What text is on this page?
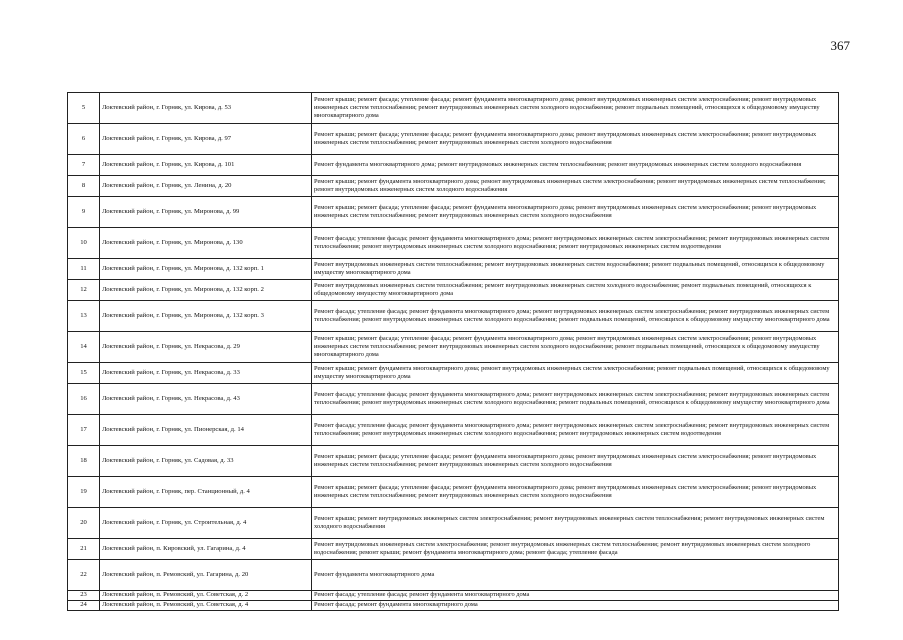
367
5	Локтевский район, г. Горняк, ул. Кирова, д. 53	Ремонт крыши; ремонт фасада; утепление фасада; ремонт фундамента многоквартирного дома; ремонт внутридомовых инженерных систем электроснабжения; ремонт внутридомовых инженерных систем теплоснабжения; ремонт внутридомовых инженерных систем холодного водоснабжения; ремонт подвальных помещений, относящихся к общедомовому имуществу многоквартирного дома
6	Локтевский район, г. Горняк, ул. Кирова, д. 97	Ремонт крыши; ремонт фасада; утепление фасада; ремонт фундамента многоквартирного дома; ремонт внутридомовых инженерных систем электроснабжения; ремонт внутридомовых инженерных систем теплоснабжения; ремонт внутридомовых инженерных систем холодного водоснабжения
7	Локтевский район, г. Горняк, ул. Кирова, д. 101	Ремонт фундамента многоквартирного дома; ремонт внутридомовых инженерных систем теплоснабжения; ремонт внутридомовых инженерных систем холодного водоснабжения
8	Локтевский район, г. Горняк, ул. Ленина, д. 20	Ремонт крыши; ремонт фундамента многоквартирного дома; ремонт внутридомовых инженерных систем электроснабжения; ремонт внутридомовых инженерных систем теплоснабжения; ремонт внутридомовых инженерных систем холодного водоснабжения
9	Локтевский район, г. Горняк, ул. Миронова, д. 99	Ремонт крыши; ремонт фасада; утепление фасада; ремонт фундамента многоквартирного дома; ремонт внутридомовых инженерных систем электроснабжения; ремонт внутридомовых инженерных систем теплоснабжения; ремонт внутридомовых инженерных систем холодного водоснабжения
10	Локтевский район, г. Горняк, ул. Миронова, д. 130	Ремонт фасада; утепление фасада; ремонт фундамента многоквартирного дома; ремонт внутридомовых инженерных систем электроснабжения; ремонт внутридомовых инженерных систем теплоснабжения; ремонт внутридомовых инженерных систем холодного водоснабжения; ремонт внутридомовых инженерных систем водоотведения
11	Локтевский район, г. Горняк, ул. Миронова, д. 132 корп. 1	Ремонт внутридомовых инженерных систем теплоснабжения; ремонт внутридомовых инженерных систем водоснабжения; ремонт подвальных помещений, относящихся к общедомовому имуществу многоквартирного дома
12	Локтевский район, г. Горняк, ул. Миронова, д. 132 корп. 2	Ремонт внутридомовых инженерных систем теплоснабжения; ремонт внутридомовых инженерных систем холодного водоснабжения; ремонт подвальных помещений, относящихся к общедомовому имуществу многоквартирного дома
13	Локтевский район, г. Горняк, ул. Миронова, д. 132 корп. 3	Ремонт фасада; утепление фасада; ремонт фундамента многоквартирного дома; ремонт внутридомовых инженерных систем электроснабжения; ремонт внутридомовых инженерных систем теплоснабжения; ремонт внутридомовых инженерных систем холодного водоснабжения; ремонт подвальных помещений, относящихся к общедомовому имуществу многоквартирного дома
14	Локтевский район, г. Горняк, ул. Некрасова, д. 29	Ремонт крыши; ремонт фасада; утепление фасада; ремонт фундамента многоквартирного дома; ремонт внутридомовых инженерных систем электроснабжения; ремонт внутридомовых инженерных систем теплоснабжения; ремонт внутридомовых инженерных систем холодного водоснабжения; ремонт подвальных помещений, относящихся к общедомовому имуществу многоквартирного дома
15	Локтевский район, г. Горняк, ул. Некрасова, д. 33	Ремонт крыши; ремонт фундамента многоквартирного дома; ремонт внутридомовых инженерных систем электроснабжения; ремонт подвальных помещений, относящихся к общедомовому имуществу многоквартирного дома
16	Локтевский район, г. Горняк, ул. Некрасова, д. 43	Ремонт фасада; утепление фасада; ремонт фундамента многоквартирного дома; ремонт внутридомовых инженерных систем электроснабжения; ремонт внутридомовых инженерных систем теплоснабжения; ремонт внутридомовых инженерных систем холодного водоснабжения; ремонт подвальных помещений, относящихся к общедомовому имуществу многоквартирного дома
17	Локтевский район, г. Горняк, ул. Пионерская, д. 14	Ремонт фасада; утепление фасада; ремонт фундамента многоквартирного дома; ремонт внутридомовых инженерных систем электроснабжения; ремонт внутридомовых инженерных систем теплоснабжения; ремонт внутридомовых инженерных систем холодного водоснабжения; ремонт внутридомовых инженерных систем водоотведения
18	Локтевский район, г. Горняк, ул. Садовая, д. 33	Ремонт крыши; ремонт фасада; утепление фасада; ремонт фундамента многоквартирного дома; ремонт внутридомовых инженерных систем электроснабжения; ремонт внутридомовых инженерных систем теплоснабжения; ремонт внутридомовых инженерных систем холодного водоснабжения
19	Локтевский район, г. Горняк, пер. Станционный, д. 4	Ремонт крыши; ремонт фасада; утепление фасада; ремонт фундамента многоквартирного дома; ремонт внутридомовых инженерных систем электроснабжения; ремонт внутридомовых инженерных систем теплоснабжения; ремонт внутридомовых инженерных систем холодного водоснабжения
20	Локтевский район, г. Горняк, ул. Строительная, д. 4	Ремонт крыши; ремонт внутридомовых инженерных систем электроснабжения; ремонт внутридомовых инженерных систем теплоснабжения; ремонт внутридомовых инженерных систем холодного водоснабжения
21	Локтевский район, п. Кировский, ул. Гагарина, д. 4	Ремонт внутридомовых инженерных систем электроснабжения; ремонт внутридомовых инженерных систем теплоснабжения; ремонт внутридомовых инженерных систем холодного водоснабжения; ремонт крыши; ремонт фундамента многоквартирного дома; ремонт фасада; утепление фасада
22	Локтевский район, п. Ремовский, ул. Гагарина, д. 20	Ремонт фундамента многоквартирного дома
23	Локтевский район, п. Ремовский, ул. Советская, д. 2	Ремонт фасада; утепление фасада; ремонт фундамента многоквартирного дома
24	Локтевский район, п. Ремовский, ул. Советская, д. 4	Ремонт фасада; ремонт фундамента многоквартирного дома
